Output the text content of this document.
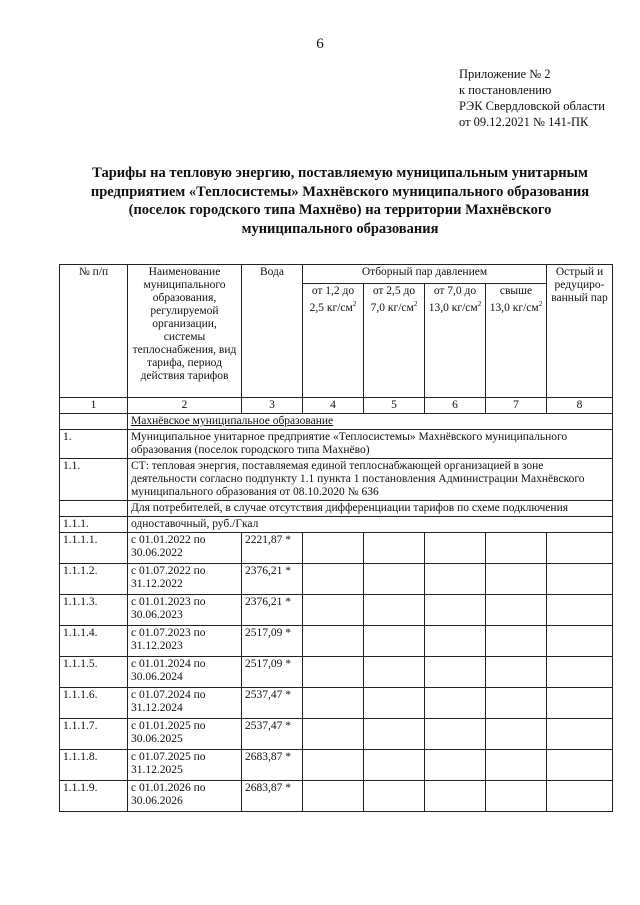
6
Приложение № 2
к постановлению
РЭК Свердловской области
от 09.12.2021 № 141-ПК
Тарифы на тепловую энергию, поставляемую муниципальным унитарным
предприятием «Теплосистемы» Махнёвского муниципального образования
(поселок городского типа Махнёво) на территории Махнёвского
муниципального образования
№ п/п	Наименование муниципального образования, регулируемой организации, системы теплоснабжения, вид тарифа, период действия тарифов	Вода	Отборный пар давлением				Острый и редуциро-ванный пар
			от 1,2 до 2,5 $кг/см^2$	от 2,5 до 7,0 $кг/см^2$	от 7,0 до 13,0 $кг/см^2$	свыше 13,0 $кг/см^2$
1	2	3	4	5	6	7	8
	Махнёвское муниципальное образование						
1.	Муниципальное унитарное предприятие «Теплосистемы» Махнёвского муниципального образования (поселок городского типа Махнёво)						
1.1.	СТ: тепловая энергия, поставляемая единой теплоснабжающей организацией в зоне деятельности согласно подпункту 1.1 пункта 1 постановления Администрации Махнёвского муниципального образования от 08.10.2020 № 636						
	Для потребителей, в случае отсутствия дифференциации тарифов по схеме подключения						
1.1.1.	одноставочный, руб./Гкал						
1.1.1.1.	с 01.01.2022 по 30.06.2022	2221,87 *					
1.1.1.2.	с 01.07.2022 по 31.12.2022	2376,21 *					
1.1.1.3.	с 01.01.2023 по 30.06.2023	2376,21 *					
1.1.1.4.	с 01.07.2023 по 31.12.2023	2517,09 *					
1.1.1.5.	с 01.01.2024 по 30.06.2024	2517,09 *					
1.1.1.6.	с 01.07.2024 по 31.12.2024	2537,47 *					
1.1.1.7.	с 01.01.2025 по 30.06.2025	2537,47 *					
1.1.1.8.	с 01.07.2025 по 31.12.2025	2683,87 *					
1.1.1.9.	с 01.01.2026 по 30.06.2026	2683,87 *					
